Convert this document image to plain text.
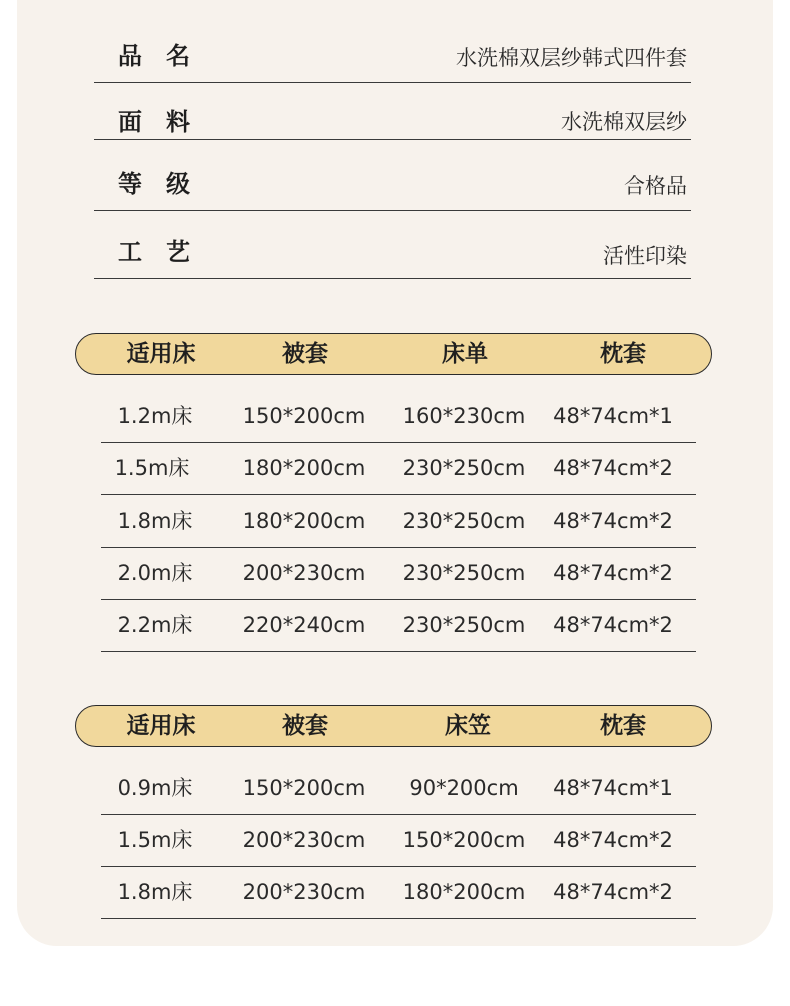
品名	水洗棉双层纱韩式四件套
面料	水洗棉双层纱
等级	合格品
工艺	活性印染
适用床	被套	床单	枕套
1.2m床 150*200cm 160*230cm 48*74cm*1
1.5m床	180*200cm 230*250cm 48*74cm*2
1.8m床 180*200cm 230*250cm 48*74cm*2
2.0m床 200*230cm 230*250cm 48*74cm*2
2.2m床 220*240cm 230*250cm 48*74cm*2
适用床	被套	床笠	枕套
0.9m床 150*200cm 90*200cm 48*74cm*1
1.5m床 200*230cm 150*200cm 48*74cm*2
1.8m床 200*230cm 180*200cm 48*74cm*2
